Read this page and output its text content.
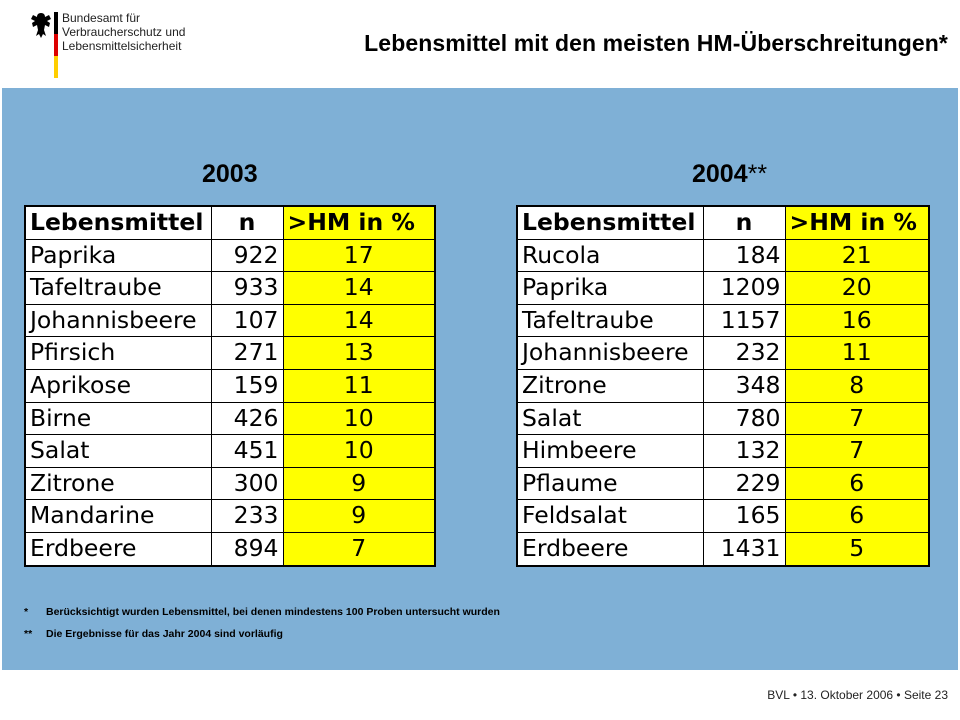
Bundesamt für
Verbraucherschutz und
Lebensmittelsicherheit	Lebensmittel mit den meisten HM-Überschreitungen*
2003	2004**
Lebensmittel	n	>HM in %
Paprika	922	17
Tafeltraube	933	14
Johannisbeere	107	14
Pfirsich	271	13
Aprikose	159	11
Birne	426	10
Salat	451	10
Zitrone	300	9
Mandarine	233	9
Erdbeere	894	7
Lebensmittel	n	>HM in %
Rucola	184	21
Paprika	1209	20
Tafeltraube	1157	16
Johannisbeere	232	11
Zitrone	348	8
Salat	780	7
Himbeere	132	7
Pflaume	229	6
Feldsalat	165	6
Erdbeere	1431	5
* Berücksichtigt wurden Lebensmittel, bei denen mindestens 100 Proben untersucht wurden
** Die Ergebnisse für das Jahr 2004 sind vorläufig
BVL • 13. Oktober 2006 • Seite 23
